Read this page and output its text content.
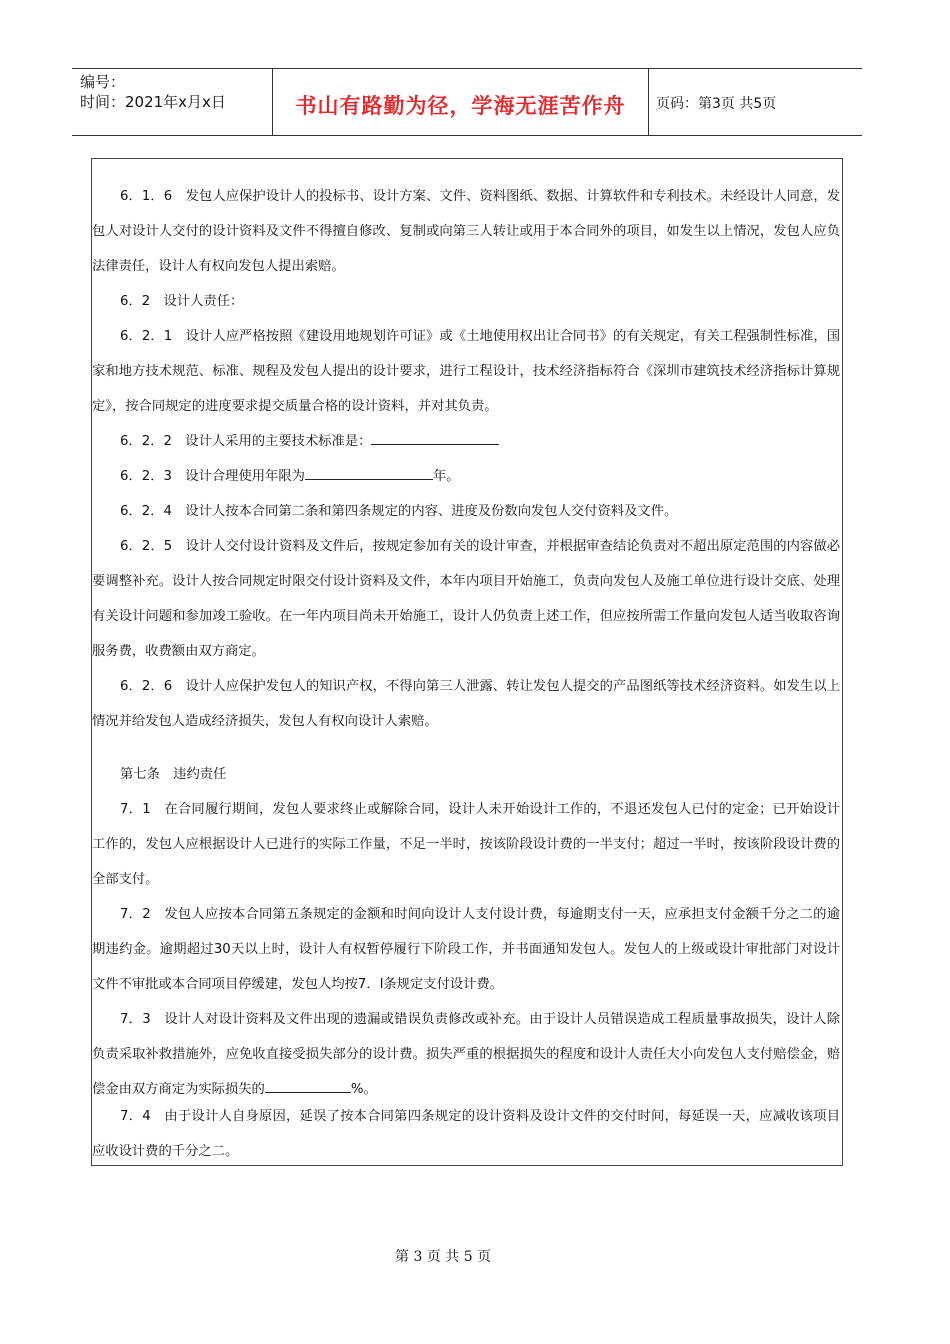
编号：
时间：2021年x月x日	书山有路勤为径，学海无涯苦作舟	页码：第3页 共5页
6．1．6　发包人应保护设计人的投标书、设计方案、文件、资料图纸、数据、计算软件和专利技术。未经设计人同意，发包人对设计人交付的设计资料及文件不得擅自修改、复制或向第三人转让或用于本合同外的项目，如发生以上情况，发包人应负法律责任，设计人有权向发包人提出索赔。
6．2　设计人责任：
6．2．1　设计人应严格按照《建设用地规划许可证》或《土地使用权出让合同书》的有关规定，有关工程强制性标准，国家和地方技术规范、标准、规程及发包人提出的设计要求，进行工程设计，技术经济指标符合《深圳市建筑技术经济指标计算规定》，按合同规定的进度要求提交质量合格的设计资料，并对其负责。
6．2．2　设计人采用的主要技术标准是：
6．2．3　设计合理使用年限为	年。
6．2．4　设计人按本合同第二条和第四条规定的内容、进度及份数向发包人交付资料及文件。
6．2．5　设计人交付设计资料及文件后，按规定参加有关的设计审查，并根据审查结论负责对不超出原定范围的内容做必要调整补充。设计人按合同规定时限交付设计资料及文件，本年内项目开始施工，负责向发包人及施工单位进行设计交底、处理有关设计问题和参加竣工验收。在一年内项目尚未开始施工，设计人仍负责上述工作，但应按所需工作量向发包人适当收取咨询服务费，收费额由双方商定。
6．2．6　设计人应保护发包人的知识产权，不得向第三人泄露、转让发包人提交的产品图纸等技术经济资料。如发生以上情况并给发包人造成经济损失，发包人有权向设计人索赔。
第七条　违约责任
7．1　在合同履行期间，发包人要求终止或解除合同，设计人未开始设计工作的，不退还发包人已付的定金；已开始设计工作的，发包人应根据设计人已进行的实际工作量，不足一半时，按该阶段设计费的一半支付；超过一半时，按该阶段设计费的全部支付。
7．2　发包人应按本合同第五条规定的金额和时间向设计人支付设计费，每逾期支付一天，应承担支付金额千分之二的逾期违约金。逾期超过30天以上时，设计人有权暂停履行下阶段工作，并书面通知发包人。发包人的上级或设计审批部门对设计文件不审批或本合同项目停缓建，发包人均按7．l条规定支付设计费。
7．3　设计人对设计资料及文件出现的遗漏或错误负责修改或补充。由于设计人员错误造成工程质量事故损失，设计人除负责采取补救措施外，应免收直接受损失部分的设计费。损失严重的根据损失的程度和设计人责任大小向发包人支付赔偿金，赔偿金由双方商定为实际损失的	%。
7．4　由于设计人自身原因，延误了按本合同第四条规定的设计资料及设计文件的交付时间，每延误一天，应减收该项目应收设计费的千分之二。
第 3 页 共 5 页
